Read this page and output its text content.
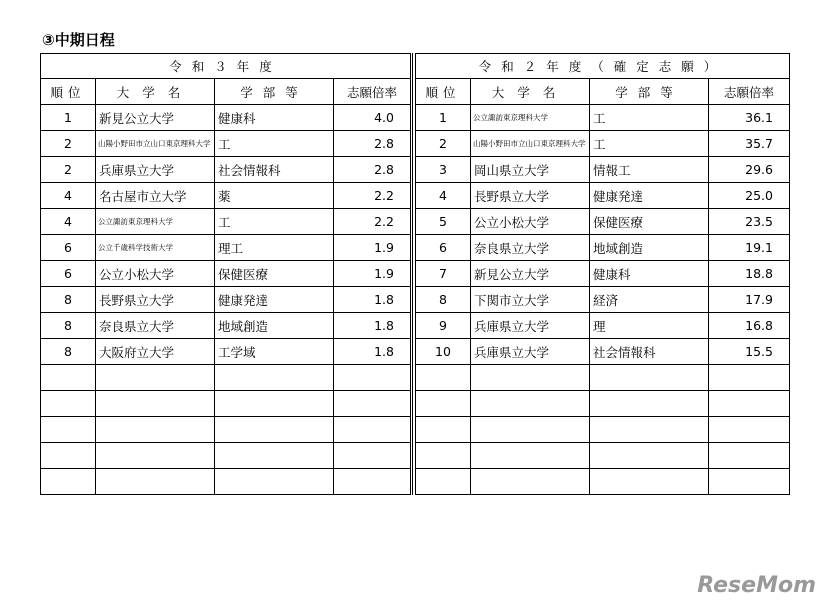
③中期日程
令和３年度			
順位	大学名	学部等	志願倍率
1	新見公立大学	健康科	4.0
2	山陽小野田市立山口東京理科大学	工	2.8
2	兵庫県立大学	社会情報科	2.8
4	名古屋市立大学	薬	2.2
4	公立諏訪東京理科大学	工	2.2
6	公立千歳科学技術大学	理工	1.9
6	公立小松大学	保健医療	1.9
8	長野県立大学	健康発達	1.8
8	奈良県立大学	地域創造	1.8
8	大阪府立大学	工学域	1.8

令和２年度（確定志願）			
順位	大学名	学部等	志願倍率
1	公立諏訪東京理科大学	工	36.1
2	山陽小野田市立山口東京理科大学	工	35.7
3	岡山県立大学	情報工	29.6
4	長野県立大学	健康発達	25.0
5	公立小松大学	保健医療	23.5
6	奈良県立大学	地域創造	19.1
7	新見公立大学	健康科	18.8
8	下関市立大学	経済	17.9
9	兵庫県立大学	理	16.8
10	兵庫県立大学	社会情報科	15.5

ReseMom
